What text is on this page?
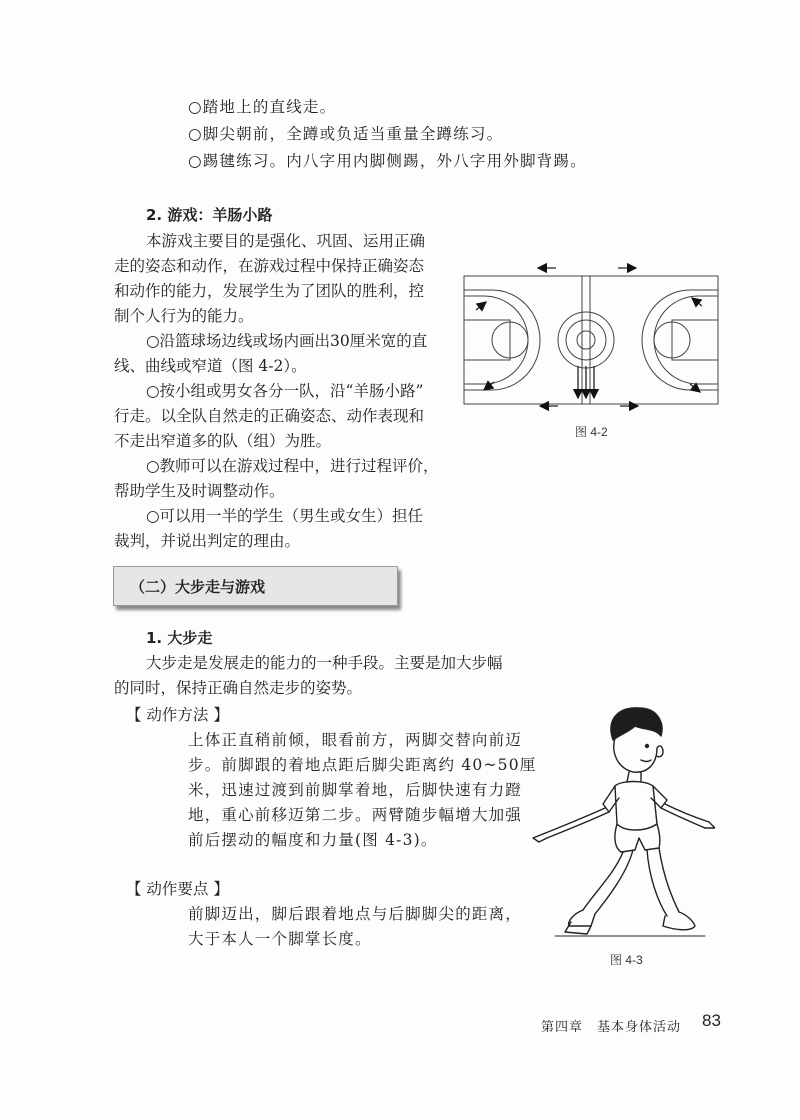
○踏地上的直线走。
○脚尖朝前，全蹲或负适当重量全蹲练习。
○踢毽练习。内八字用内脚侧踢，外八字用外脚背踢。
2. 游戏：羊肠小路
本游戏主要目的是强化、巩固、运用正确
走的姿态和动作，在游戏过程中保持正确姿态
和动作的能力，发展学生为了团队的胜利，控
制个人行为的能力。
○沿篮球场边线或场内画出30厘米宽的直
线、曲线或窄道（图 4-2）。
○按小组或男女各分一队，沿“羊肠小路”
行走。以全队自然走的正确姿态、动作表现和
不走出窄道多的队（组）为胜。
○教师可以在游戏过程中，进行过程评价，
帮助学生及时调整动作。
○可以用一半的学生（男生或女生）担任
裁判，并说出判定的理由。
图 4-2
（二）大步走与游戏
1. 大步走
大步走是发展走的能力的一种手段。主要是加大步幅
的同时，保持正确自然走步的姿势。
【 动作方法 】
上体正直稍前倾，眼看前方，两脚交替向前迈
步。前脚跟的着地点距后脚尖距离约 40~50厘
米，迅速过渡到前脚掌着地，后脚快速有力蹬
地，重心前移迈第二步。两臂随步幅增大加强
前后摆动的幅度和力量(图 4-3)。
【 动作要点 】
前脚迈出，脚后跟着地点与后脚脚尖的距离，
大于本人一个脚掌长度。
图 4-3
第四章　基本身体活动 83
